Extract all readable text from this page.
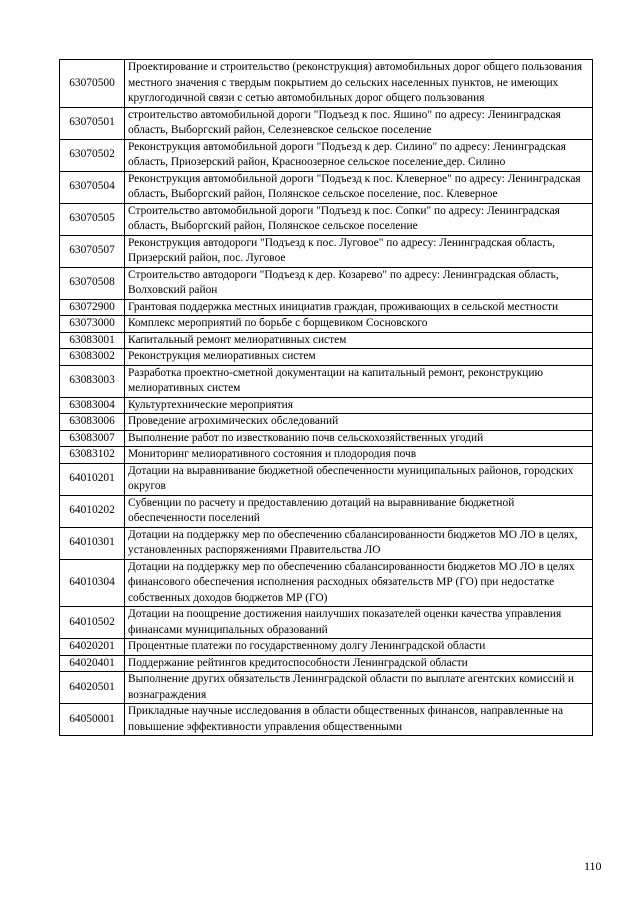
63070500	Проектирование и строительство (реконструкция) автомобильных дорог общего пользования местного значения с твердым покрытием до сельских населенных пунктов, не имеющих круглогодичной связи с сетью автомобильных дорог общего пользования
63070501	строительство автомобильной дороги "Подъезд к пос. Яшино" по адресу: Ленинградская область, Выборгский район, Селезневское сельское поселение
63070502	Реконструкция автомобильной дороги "Подъезд к дер. Силино" по адресу: Ленинградская область, Приозерский район, Красноозерное сельское поселение,дер. Силино
63070504	Реконструкция автомобильной дороги "Подъезд к пос. Клеверное" по адресу: Ленинградская область, Выборгский район, Полянское сельское поселение, пос. Клеверное
63070505	Строительство автомобильной дороги "Подъезд к пос. Сопки" по адресу: Ленинградская область, Выборгский район, Полянское сельское поселение
63070507	Реконструкция автодороги "Подъезд к пос. Луговое" по адресу: Ленинградская область, Призерский район, пос. Луговое
63070508	Строительство автодороги "Подъезд к дер. Козарево" по адресу: Ленинградская область, Волховский район
63072900	Грантовая поддержка местных инициатив граждан, проживающих в сельской местности
63073000	Комплекс мероприятий по борьбе с борщевиком Сосновского
63083001	Капитальный ремонт мелиоративных систем
63083002	Реконструкция мелиоративных систем
63083003	Разработка проектно-сметной документации на капитальный ремонт, реконструкцию мелиоративных систем
63083004	Культуртехнические мероприятия
63083006	Проведение агрохимических обследований
63083007	Выполнение работ по известкованию почв сельскохозяйственных угодий
63083102	Мониторинг мелиоративного состояния и плодородия почв
64010201	Дотации на выравнивание бюджетной обеспеченности муниципальных районов, городских округов
64010202	Субвенции по расчету и предоставлению дотаций на выравнивание бюджетной обеспеченности поселений
64010301	Дотации на поддержку мер по обеспечению сбалансированности бюджетов МО ЛО в целях, установленных распоряжениями Правительства ЛО
64010304	Дотации на поддержку мер по обеспечению сбалансированности бюджетов МО ЛО в целях финансового обеспечения исполнения расходных обязательств МР (ГО) при недостатке собственных доходов бюджетов МР (ГО)
64010502	Дотации на поощрение достижения наилучших показателей оценки качества управления финансами муниципальных образований
64020201	Процентные платежи по государственному долгу Ленинградской области
64020401	Поддержание рейтингов кредитоспособности Ленинградской области
64020501	Выполнение других обязательств Ленинградской области по выплате агентских комиссий и вознаграждения
64050001	Прикладные научные исследования в области общественных финансов, направленные на повышение эффективности управления общественными
110
